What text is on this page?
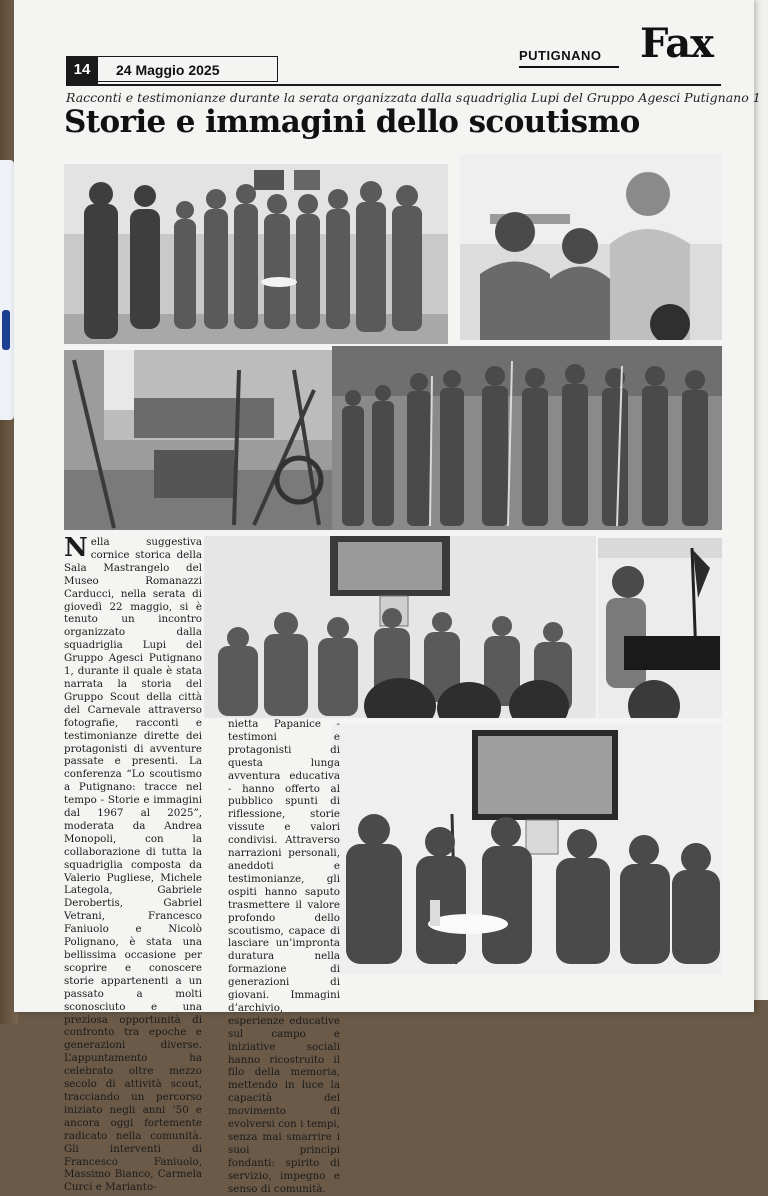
14	24 Maggio 2025
PUTIGNANO Fax
Racconti e testimonianze durante la serata organizzata dalla squadriglia Lupi del Gruppo Agesci Putignano 1
Storie e immagini dello scoutismo
Nella suggestiva cornice storica della Sala Mastrangelo del Museo Romanazzi Carducci, nella serata di giovedì 22 maggio, si è tenuto un incontro organizzato dalla squadriglia Lupi del Gruppo Agesci Putignano 1, durante il quale è stata narrata la storia del Gruppo Scout della città del Carnevale attraverso fotografie, racconti e testimonianze dirette dei protagonisti di avventure passate e presenti. La conferenza “Lo scoutismo a Putignano: tracce nel tempo - Storie e immagini dal 1967 al 2025”, moderata da Andrea Monopoli, con la collaborazione di tutta la squadriglia composta da Valerio Pugliese, Michele Lategola, Gabriele Derobertis, Gabriel Vetrani, Francesco Faniuolo e Nicolò Polignano, è stata una bellissima occasione per scoprire e conoscere storie appartenenti a un passato a molti sconosciuto e una preziosa opportunità di confronto tra epoche e generazioni diverse. L’appuntamento ha celebrato oltre mezzo secolo di attività scout, tracciando un percorso iniziato negli anni ’50 e ancora oggi fortemente radicato nella comunità. Gli interventi di Francesco Faniuolo, Massimo Bianco, Carmela Curci e Marianto-
nietta Papanice - testimoni e protagonisti di questa lunga avventura educativa - hanno offerto al pubblico spunti di riflessione, storie vissute e valori condivisi. Attraverso narrazioni personali, aneddoti e testimonianze, gli ospiti hanno saputo trasmettere il valore profondo dello scoutismo, capace di lasciare un’impronta duratura nella formazione di generazioni di giovani. Immagini d’archivio, esperienze educative sul campo e iniziative sociali hanno ricostruito il filo della memoria, mettendo in luce la capacità del movimento di evolversi con i tempi, senza mai smarrire i suoi principi fondanti: spirito di servizio, impegno e senso di comunità.
